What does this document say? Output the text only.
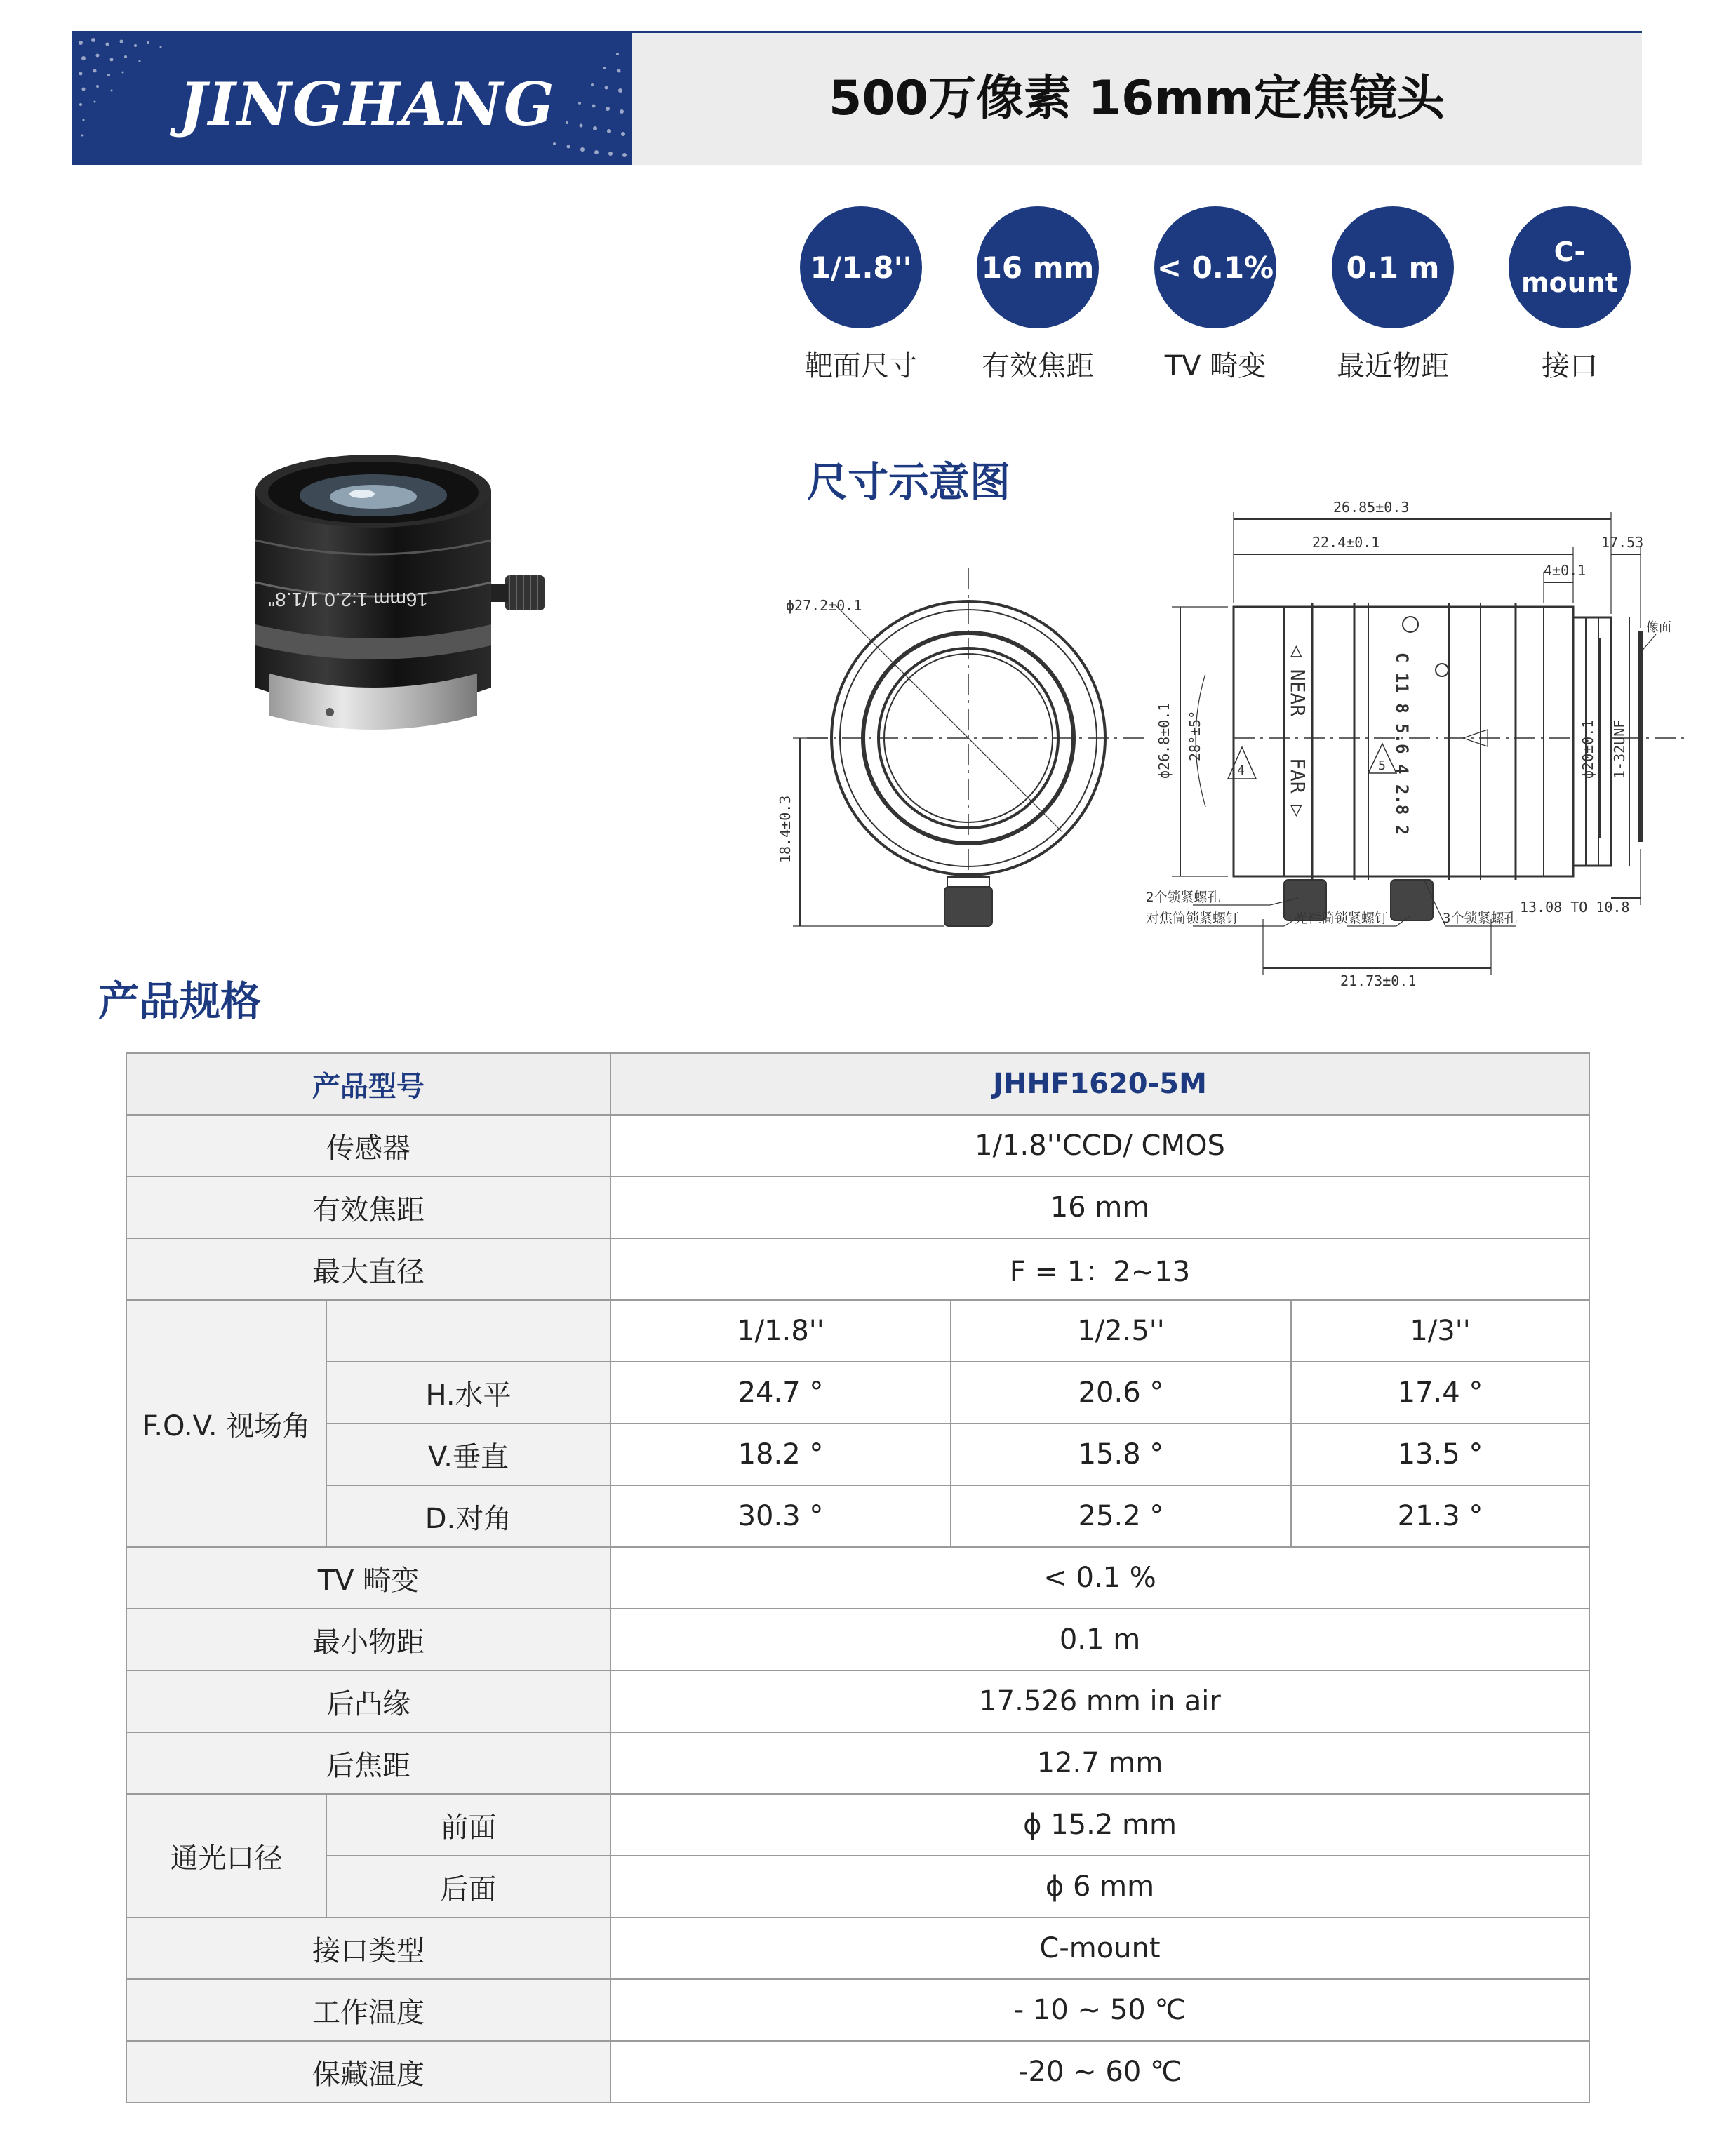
JINGHANG	500万像素 16mm定焦镜头
1/1.8''
靶面尺寸
16 mm
有效焦距
< 0.1%
TV 畸变
0.1 m
最近物距
C-mount
接口
16mm 1:2.0 1/1.8"
尺寸示意图
产品规格
ϕ27.2±0.1
18.4±0.3
26.85±0.3
22.4±0.1
4±0.1
17.53
像面
ϕ26.8±0.1 28°±5°	ϕ20±0.1 1-32UNF
13.08 TO 10.8
21.73±0.1
2个锁紧螺孔
对焦筒锁紧螺钉	光栏筒锁紧螺钉	3个锁紧螺孔
◁ NEAR
FAR ▷	C 11 8 5.6 4 2.8 2
4	5
产品型号		JHHF1620-5M		
传感器		1/1.8''CCD/ CMOS		
有效焦距		16 mm		
最大直径		F = 1：2~13		
F.O.V. 视场角		1/1.8''	1/2.5''	1/3''
	H.水平	24.7 °	20.6 °	17.4 °
	V.垂直	18.2 °	15.8 °	13.5 °
	D.对角	30.3 °	25.2 °	21.3 °
TV 畸变		< 0.1 %		
最小物距		0.1 m		
后凸缘		17.526 mm in air		
后焦距		12.7 mm		
通光口径	前面	ϕ 15.2 mm		
	后面	ϕ 6 mm		
接口类型		C-mount		
工作温度		- 10 ~ 50 ℃		
保藏温度		-20 ~ 60 ℃		
